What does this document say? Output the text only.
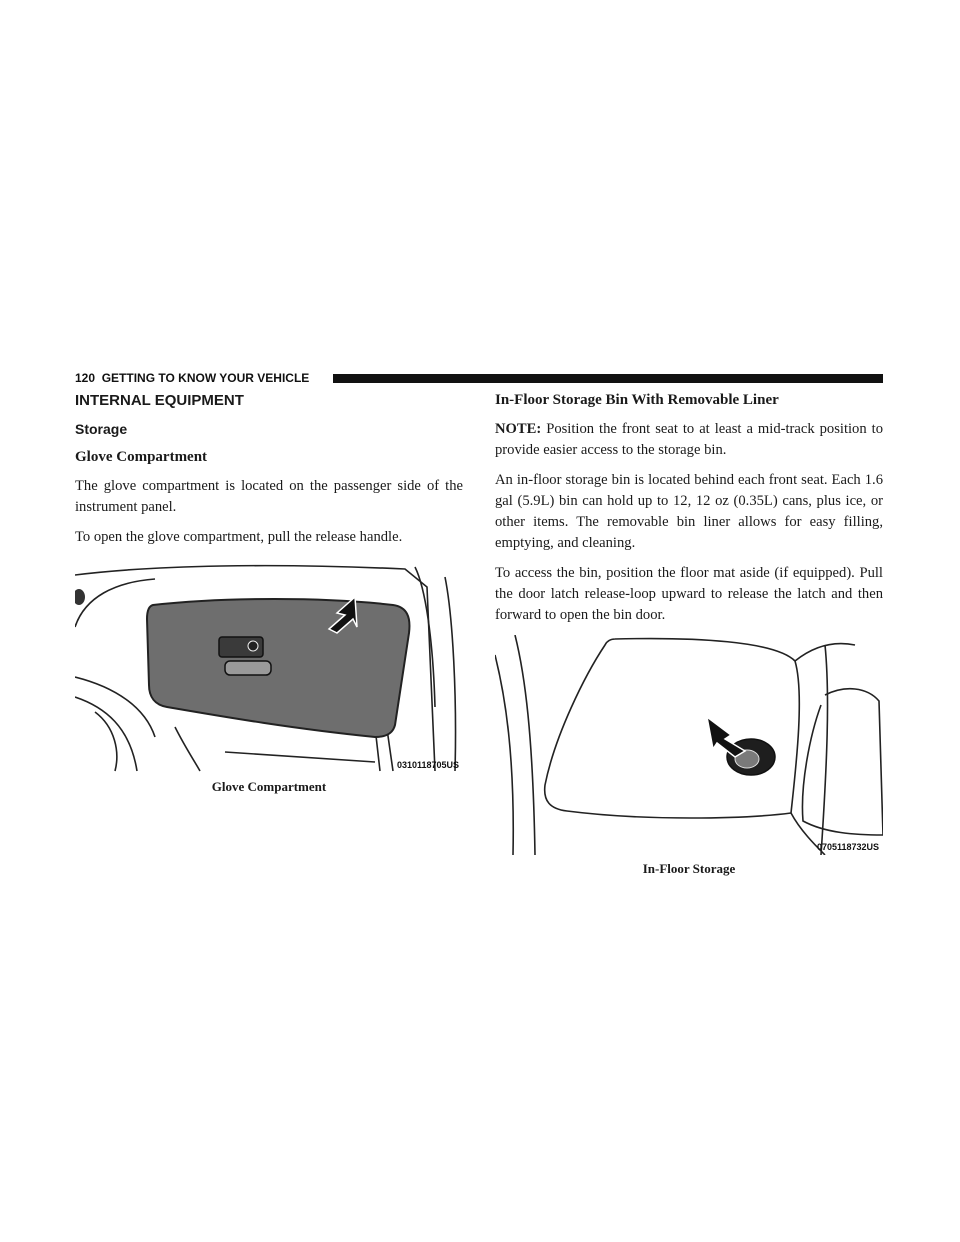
120 GETTING TO KNOW YOUR VEHICLE
INTERNAL EQUIPMENT
Storage
Glove Compartment

The glove compartment is located on the passenger side of the instrument panel.

To open the glove compartment, pull the release handle.

0310118705US
Glove Compartment
In-Floor Storage Bin With Removable Liner

NOTE: Position the front seat to at least a mid-track position to provide easier access to the storage bin.

An in-floor storage bin is located behind each front seat. Each 1.6 gal (5.9L) bin can hold up to 12, 12 oz (0.35L) cans, plus ice, or other items. The removable bin liner allows for easy filling, emptying, and cleaning.

To access the bin, position the floor mat aside (if equipped). Pull the door latch release-loop upward to release the latch and then forward to open the bin door.

0705118732US
In-Floor Storage
